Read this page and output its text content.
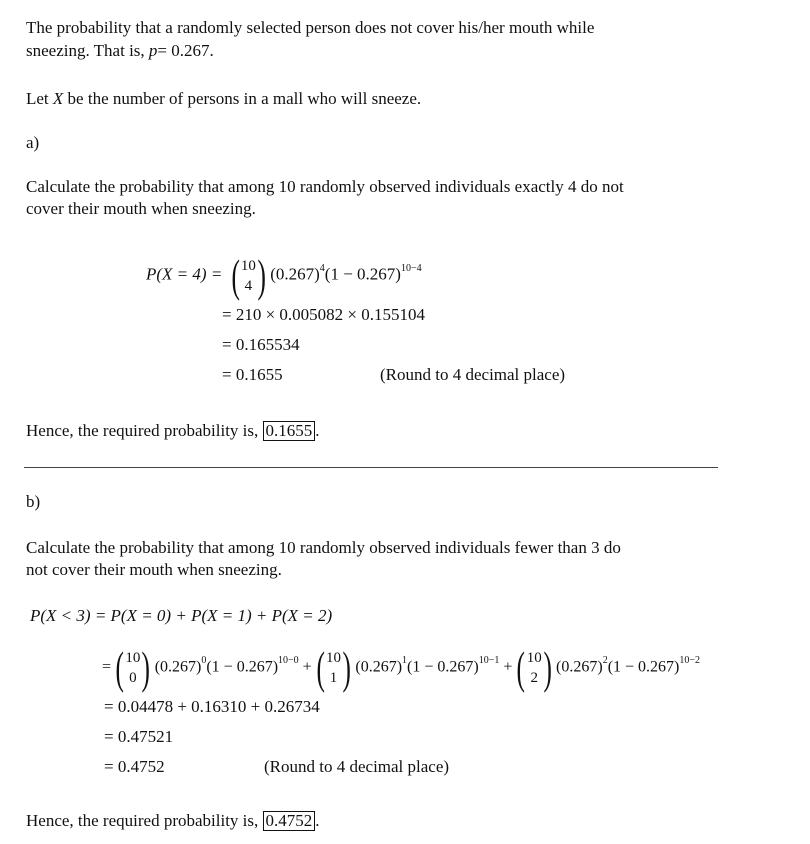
The probability that a randomly selected person does not cover his/her mouth while
sneezing. That is, p= 0.267.
Let X be the number of persons in a mall who will sneeze.
a)
Calculate the probability that among 10 randomly observed individuals exactly 4 do not
cover their mouth when sneezing.
P(X = 4) = ( 10
4 ) $(0.267)^4(1 - 0.267)^{10-4}$
= 210 × 0.005082 × 0.155104
= 0.165534
= 0.1655	(Round to 4 decimal place)
Hence, the required probability is, 0.1655 .
b)
Calculate the probability that among 10 randomly observed individuals fewer than 3 do
not cover their mouth when sneezing.
P(X < 3) = P(X = 0) + P(X = 1) + P(X = 2)
= ( 10
0 ) $(0.267)^0(1 - 0.267)^{10-0}$ + ( 10
1 ) $(0.267)^1(1 - 0.267)^{10-1}$ + ( 10
2 ) $(0.267)^2(1 - 0.267)^{10-2}$
= 0.04478 + 0.16310 + 0.26734
= 0.47521
= 0.4752	(Round to 4 decimal place)
Hence, the required probability is, 0.4752 .
